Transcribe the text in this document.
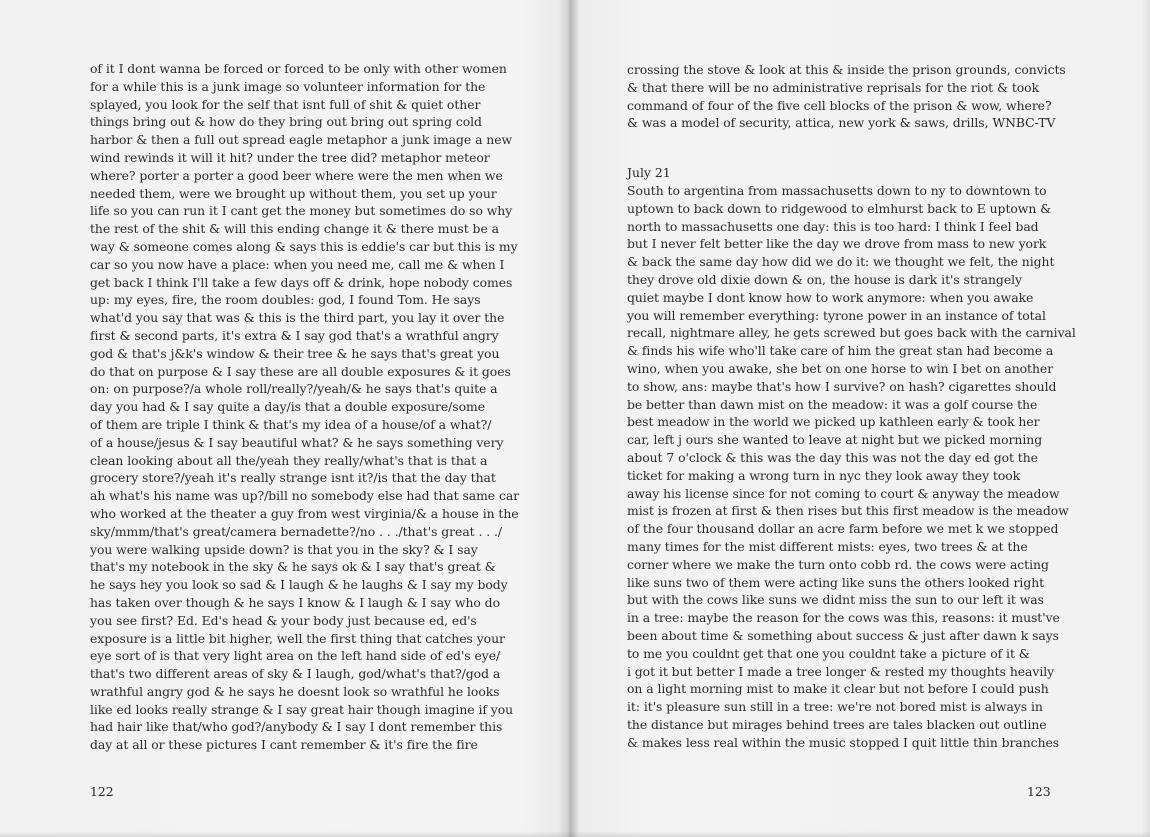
of it I dont wanna be forced or forced to be only with other women
for a while this is a junk image so volunteer information for the
splayed, you look for the self that isnt full of shit & quiet other
things bring out & how do they bring out bring out spring cold
harbor & then a full out spread eagle metaphor a junk image a new
wind rewinds it will it hit? under the tree did? metaphor meteor
where? porter a porter a good beer where were the men when we
needed them, were we brought up without them, you set up your
life so you can run it I cant get the money but sometimes do so why
the rest of the shit & will this ending change it & there must be a
way & someone comes along & says this is eddie's car but this is my
car so you now have a place: when you need me, call me & when I
get back I think I'll take a few days off & drink, hope nobody comes
up: my eyes, fire, the room doubles: god, I found Tom. He says
what'd you say that was & this is the third part, you lay it over the
first & second parts, it's extra & I say god that's a wrathful angry
god & that's j&k's window & their tree & he says that's great you
do that on purpose & I say these are all double exposures & it goes
on: on purpose?/a whole roll/really?/yeah/& he says that's quite a
day you had & I say quite a day/is that a double exposure/some
of them are triple I think & that's my idea of a house/of a what?/
of a house/jesus & I say beautiful what? & he says something very
clean looking about all the/yeah they really/what's that is that a
grocery store?/yeah it's really strange isnt it?/is that the day that
ah what's his name was up?/bill no somebody else had that same car
who worked at the theater a guy from west virginia/& a house in the
sky/mmm/that's great/camera bernadette?/no . . ./that's great . . ./
you were walking upside down? is that you in the sky? & I say
that's my notebook in the sky & he says ok & I say that's great &
he says hey you look so sad & I laugh & he laughs & I say my body
has taken over though & he says I know & I laugh & I say who do
you see first? Ed. Ed's head & your body just because ed, ed's
exposure is a little bit higher, well the first thing that catches your
eye sort of is that very light area on the left hand side of ed's eye/
that's two different areas of sky & I laugh, god/what's that?/god a
wrathful angry god & he says he doesnt look so wrathful he looks
like ed looks really strange & I say great hair though imagine if you
had hair like that/who god?/anybody & I say I dont remember this
day at all or these pictures I cant remember & it's fire the fire
122
crossing the stove & look at this & inside the prison grounds, convicts
& that there will be no administrative reprisals for the riot & took
command of four of the five cell blocks of the prison & wow, where?
& was a model of security, attica, new york & saws, drills, WNBC-TV
July 21
South to argentina from massachusetts down to ny to downtown to
uptown to back down to ridgewood to elmhurst back to E uptown &
north to massachusetts one day: this is too hard: I think I feel bad
but I never felt better like the day we drove from mass to new york
& back the same day how did we do it: we thought we felt, the night
they drove old dixie down & on, the house is dark it's strangely
quiet maybe I dont know how to work anymore: when you awake
you will remember everything: tyrone power in an instance of total
recall, nightmare alley, he gets screwed but goes back with the carnival
& finds his wife who'll take care of him the great stan had become a
wino, when you awake, she bet on one horse to win I bet on another
to show, ans: maybe that's how I survive? on hash? cigarettes should
be better than dawn mist on the meadow: it was a golf course the
best meadow in the world we picked up kathleen early & took her
car, left j ours she wanted to leave at night but we picked morning
about 7 o'clock & this was the day this was not the day ed got the
ticket for making a wrong turn in nyc they look away they took
away his license since for not coming to court & anyway the meadow
mist is frozen at first & then rises but this first meadow is the meadow
of the four thousand dollar an acre farm before we met k we stopped
many times for the mist different mists: eyes, two trees & at the
corner where we make the turn onto cobb rd. the cows were acting
like suns two of them were acting like suns the others looked right
but with the cows like suns we didnt miss the sun to our left it was
in a tree: maybe the reason for the cows was this, reasons: it must've
been about time & something about success & just after dawn k says
to me you couldnt get that one you couldnt take a picture of it &
i got it but better I made a tree longer & rested my thoughts heavily
on a light morning mist to make it clear but not before I could push
it: it's pleasure sun still in a tree: we're not bored mist is always in
the distance but mirages behind trees are tales blacken out outline
& makes less real within the music stopped I quit little thin branches
123
